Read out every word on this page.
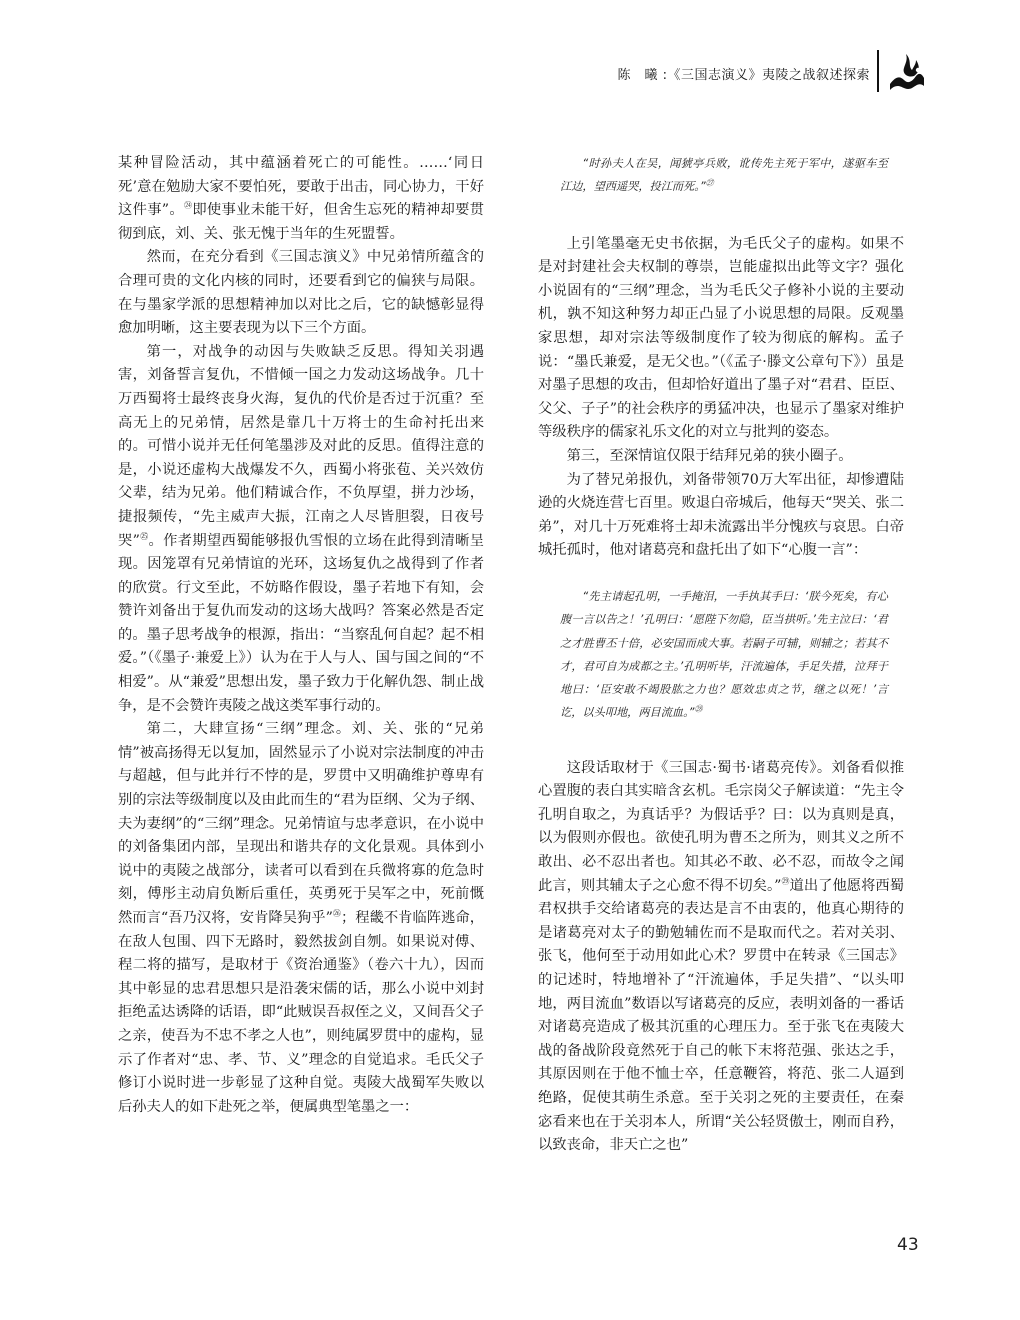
陈　曦 :《三国志演义》夷陵之战叙述探索

某种冒险活动，其中蕴涵着死亡的可能性。……‘同日死’意在勉励大家不要怕死，要敢于出击，同心协力，干好这件事”。$^㉔$即使事业未能干好，但舍生忘死的精神却要贯彻到底，刘、关、张无愧于当年的生死盟誓。

然而，在充分看到《三国志演义》中兄弟情所蕴含的合理可贵的文化内核的同时，还要看到它的偏狭与局限。在与墨家学派的思想精神加以对比之后，它的缺憾彰显得愈加明晰，这主要表现为以下三个方面。

第一，对战争的动因与失败缺乏反思。得知关羽遇害，刘备誓言复仇，不惜倾一国之力发动这场战争。几十万西蜀将士最终丧身火海，复仇的代价是否过于沉重？至高无上的兄弟情，居然是靠几十万将士的生命衬托出来的。可惜小说并无任何笔墨涉及对此的反思。值得注意的是，小说还虚构大战爆发不久，西蜀小将张苞、关兴效仿父辈，结为兄弟。他们精诚合作，不负厚望，拼力沙场，捷报频传，“先主威声大振，江南之人尽皆胆裂，日夜号哭”$^㉕$。作者期望西蜀能够报仇雪恨的立场在此得到清晰呈现。因笼罩有兄弟情谊的光环，这场复仇之战得到了作者的欣赏。行文至此，不妨略作假设，墨子若地下有知，会赞许刘备出于复仇而发动的这场大战吗？答案必然是否定的。墨子思考战争的根源，指出：“当察乱何自起？起不相爱。”（《墨子·兼爱上》）认为在于人与人、国与国之间的“不相爱”。从“兼爱”思想出发，墨子致力于化解仇怨、制止战争，是不会赞许夷陵之战这类军事行动的。

第二，大肆宣扬“三纲”理念。刘、关、张的“兄弟情”被高扬得无以复加，固然显示了小说对宗法制度的冲击与超越，但与此并行不悖的是，罗贯中又明确维护尊卑有别的宗法等级制度以及由此而生的“君为臣纲、父为子纲、夫为妻纲”的“三纲”理念。兄弟情谊与忠孝意识，在小说中的刘备集团内部，呈现出和谐共存的文化景观。具体到小说中的夷陵之战部分，读者可以看到在兵微将寡的危急时刻，傅彤主动肩负断后重任，英勇死于吴军之中，死前慨然而言“吾乃汉将，安肯降吴狗乎”$^㉖$；程畿不肯临阵逃命，在敌人包围、四下无路时，毅然拔剑自刎。如果说对傅、程二将的描写，是取材于《资治通鉴》（卷六十九），因而其中彰显的忠君思想只是沿袭宋儒的话，那么小说中刘封拒绝孟达诱降的话语，即“此贼误吾叔侄之义，又间吾父子之亲，使吾为不忠不孝之人也”，则纯属罗贯中的虚构，显示了作者对“忠、孝、节、义”理念的自觉追求。毛氏父子修订小说时进一步彰显了这种自觉。夷陵大战蜀军失败以后孙夫人的如下赴死之举，便属典型笔墨之一：

“时孙夫人在吴，闻猇亭兵败，讹传先主死于军中，遂驱车至江边，望西遥哭，投江而死。”$^㉗$

上引笔墨毫无史书依据，为毛氏父子的虚构。如果不是对封建社会夫权制的尊崇，岂能虚拟出此等文字？强化小说固有的“三纲”理念，当为毛氏父子修补小说的主要动机，孰不知这种努力却正凸显了小说思想的局限。反观墨家思想，却对宗法等级制度作了较为彻底的解构。孟子说：“墨氏兼爱，是无父也。”（《孟子·滕文公章句下》）虽是对墨子思想的攻击，但却恰好道出了墨子对“君君、臣臣、父父、子子”的社会秩序的勇猛冲决，也显示了墨家对维护等级秩序的儒家礼乐文化的对立与批判的姿态。

第三，至深情谊仅限于结拜兄弟的狭小圈子。

为了替兄弟报仇，刘备带领70万大军出征，却惨遭陆逊的火烧连营七百里。败退白帝城后，他每天“哭关、张二弟”，对几十万死难将士却未流露出半分愧疚与哀思。白帝城托孤时，他对诸葛亮和盘托出了如下“心腹一言”：

“先主请起孔明，一手掩泪，一手执其手曰：‘朕今死矣，有心腹一言以告之！’孔明曰：‘愿陛下勿隐，臣当拱听。’先主泣曰：‘君之才胜曹丕十倍，必安国而成大事。若嗣子可辅，则辅之；若其不才，君可自为成都之主。’孔明听毕，汗流遍体，手足失措，泣拜于地曰：‘臣安敢不竭股肱之力也？愿效忠贞之节，继之以死！’言讫，以头叩地，两目流血。”$^㉘$

这段话取材于《三国志·蜀书·诸葛亮传》。刘备看似推心置腹的表白其实暗含玄机。毛宗岗父子解读道：“先主令孔明自取之，为真话乎？为假话乎？曰：以为真则是真，以为假则亦假也。欲使孔明为曹丕之所为，则其义之所不敢出、必不忍出者也。知其必不敢、必不忍，而故令之闻此言，则其辅太子之心愈不得不切矣。”$^㉙$道出了他愿将西蜀君权拱手交给诸葛亮的表达是言不由衷的，他真心期待的是诸葛亮对太子的勤勉辅佐而不是取而代之。若对关羽、张飞，他何至于动用如此心术？罗贯中在转录《三国志》的记述时，特地增补了“汗流遍体，手足失措”、“以头叩地，两目流血”数语以写诸葛亮的反应，表明刘备的一番话对诸葛亮造成了极其沉重的心理压力。至于张飞在夷陵大战的备战阶段竟然死于自己的帐下末将范强、张达之手，其原因则在于他不恤士卒，任意鞭笞，将范、张二人逼到绝路，促使其萌生杀意。至于关羽之死的主要责任，在秦宓看来也在于关羽本人，所谓“关公轻贤傲士，刚而自矜，以致丧命，非天亡之也”

43
